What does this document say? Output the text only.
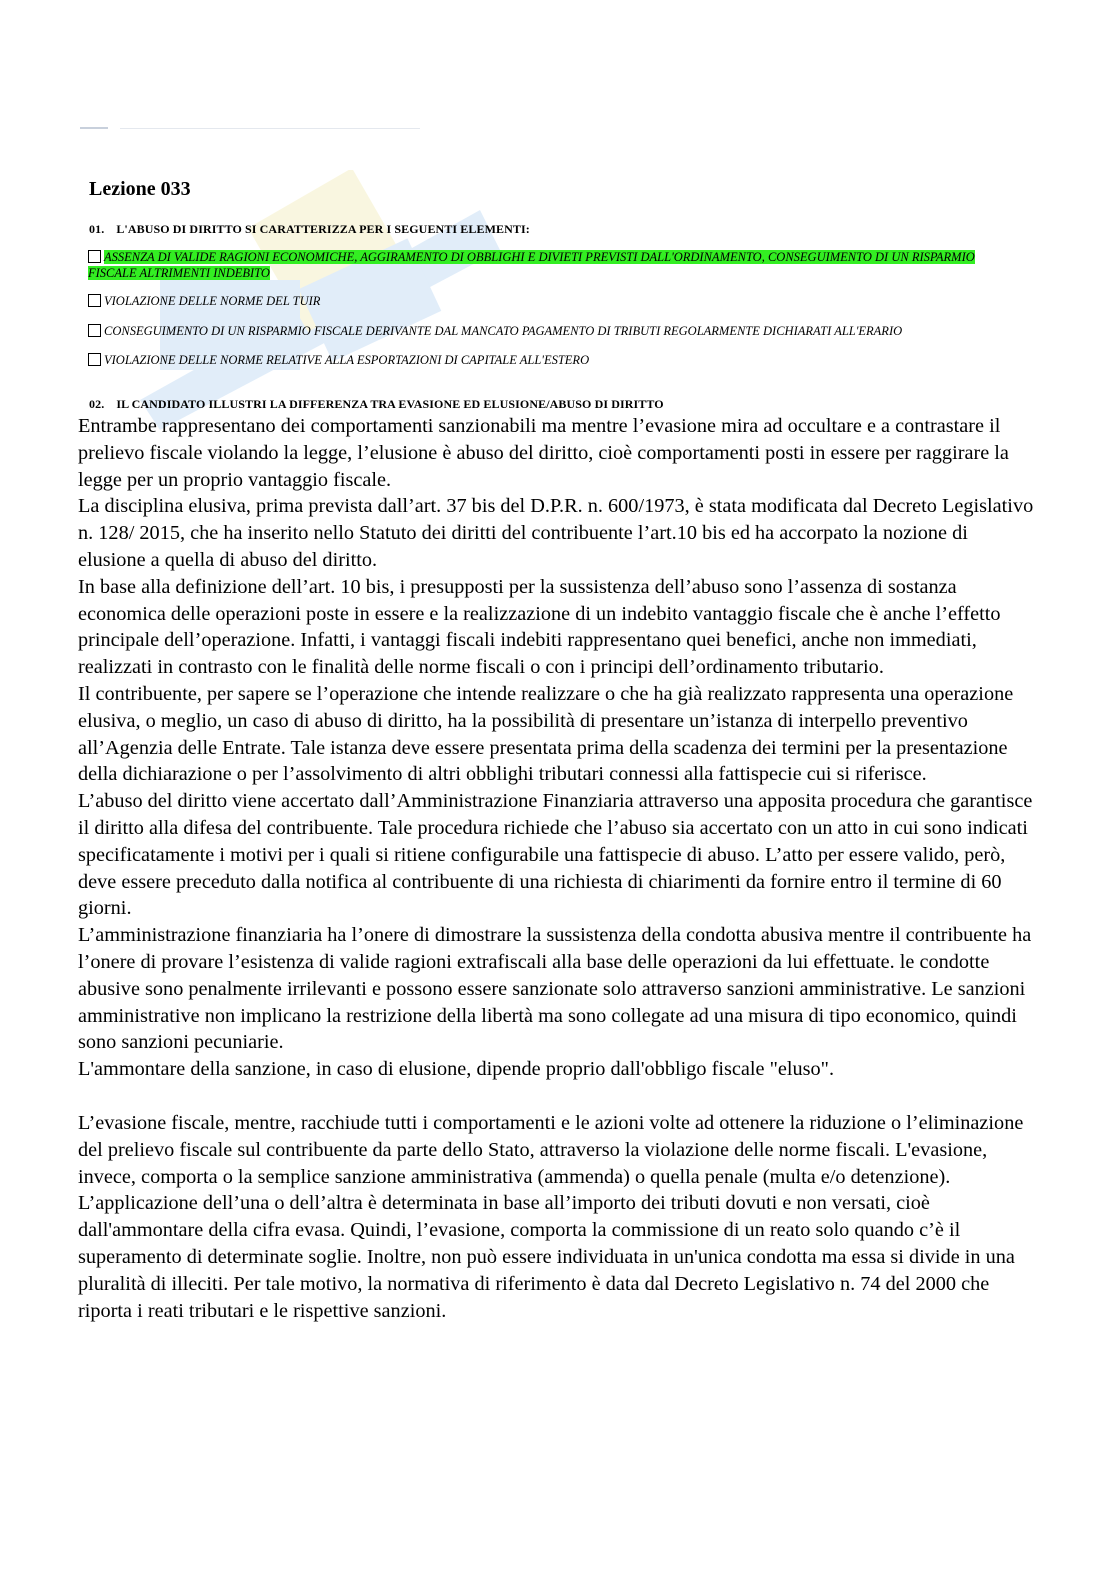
Lezione 033
01. L'ABUSO DI DIRITTO SI CARATTERIZZA PER I SEGUENTI ELEMENTI:

ASSENZA DI VALIDE RAGIONI ECONOMICHE, AGGIRAMENTO DI OBBLIGHI E DIVIETI PREVISTI DALL'ORDINAMENTO, CONSEGUIMENTO DI UN RISPARMIO FISCALE ALTRIMENTI INDEBITO

VIOLAZIONE DELLE NORME DEL TUIR

CONSEGUIMENTO DI UN RISPARMIO FISCALE DERIVANTE DAL MANCATO PAGAMENTO DI TRIBUTI REGOLARMENTE DICHIARATI ALL'ERARIO

VIOLAZIONE DELLE NORME RELATIVE ALLA ESPORTAZIONI DI CAPITALE ALL'ESTERO

02. IL CANDIDATO ILLUSTRI LA DIFFERENZA TRA EVASIONE ED ELUSIONE/ABUSO DI DIRITTO

Entrambe rappresentano dei comportamenti sanzionabili ma mentre l’evasione mira ad occultare e a contrastare il prelievo fiscale violando la legge, l’elusione è abuso del diritto, cioè comportamenti posti in essere per raggirare la legge per un proprio vantaggio fiscale.

La disciplina elusiva, prima prevista dall’art. 37 bis del D.P.R. n. 600/1973, è stata modificata dal Decreto Legislativo n. 128/ 2015, che ha inserito nello Statuto dei diritti del contribuente l’art.10 bis ed ha accorpato la nozione di elusione a quella di abuso del diritto.

In base alla definizione dell’art. 10 bis, i presupposti per la sussistenza dell’abuso sono l’assenza di sostanza economica delle operazioni poste in essere e la realizzazione di un indebito vantaggio fiscale che è anche l’effetto principale dell’operazione. Infatti, i vantaggi fiscali indebiti rappresentano quei benefici, anche non immediati, realizzati in contrasto con le finalità delle norme fiscali o con i principi dell’ordinamento tributario.

Il contribuente, per sapere se l’operazione che intende realizzare o che ha già realizzato rappresenta una operazione elusiva, o meglio, un caso di abuso di diritto, ha la possibilità di presentare un’istanza di interpello preventivo all’Agenzia delle Entrate. Tale istanza deve essere presentata prima della scadenza dei termini per la presentazione della dichiarazione o per l’assolvimento di altri obblighi tributari connessi alla fattispecie cui si riferisce.

L’abuso del diritto viene accertato dall’Amministrazione Finanziaria attraverso una apposita procedura che garantisce il diritto alla difesa del contribuente. Tale procedura richiede che l’abuso sia accertato con un atto in cui sono indicati specificatamente i motivi per i quali si ritiene configurabile una fattispecie di abuso. L’atto per essere valido, però, deve essere preceduto dalla notifica al contribuente di una richiesta di chiarimenti da fornire entro il termine di 60 giorni.

L’amministrazione finanziaria ha l’onere di dimostrare la sussistenza della condotta abusiva mentre il contribuente ha l’onere di provare l’esistenza di valide ragioni extrafiscali alla base delle operazioni da lui effettuate. le condotte abusive sono penalmente irrilevanti e possono essere sanzionate solo attraverso sanzioni amministrative. Le sanzioni amministrative non implicano la restrizione della libertà ma sono collegate ad una misura di tipo economico, quindi sono sanzioni pecuniarie.

L'ammontare della sanzione, in caso di elusione, dipende proprio dall'obbligo fiscale "eluso".

L’evasione fiscale, mentre, racchiude tutti i comportamenti e le azioni volte ad ottenere la riduzione o l’eliminazione del prelievo fiscale sul contribuente da parte dello Stato, attraverso la violazione delle norme fiscali. L'evasione, invece, comporta o la semplice sanzione amministrativa (ammenda) o quella penale (multa e/o detenzione). L’applicazione dell’una o dell’altra è determinata in base all’importo dei tributi dovuti e non versati, cioè dall'ammontare della cifra evasa. Quindi, l’evasione, comporta la commissione di un reato solo quando c’è il superamento di determinate soglie. Inoltre, non può essere individuata in un'unica condotta ma essa si divide in una pluralità di illeciti. Per tale motivo, la normativa di riferimento è data dal Decreto Legislativo n. 74 del 2000 che riporta i reati tributari e le rispettive sanzioni.
